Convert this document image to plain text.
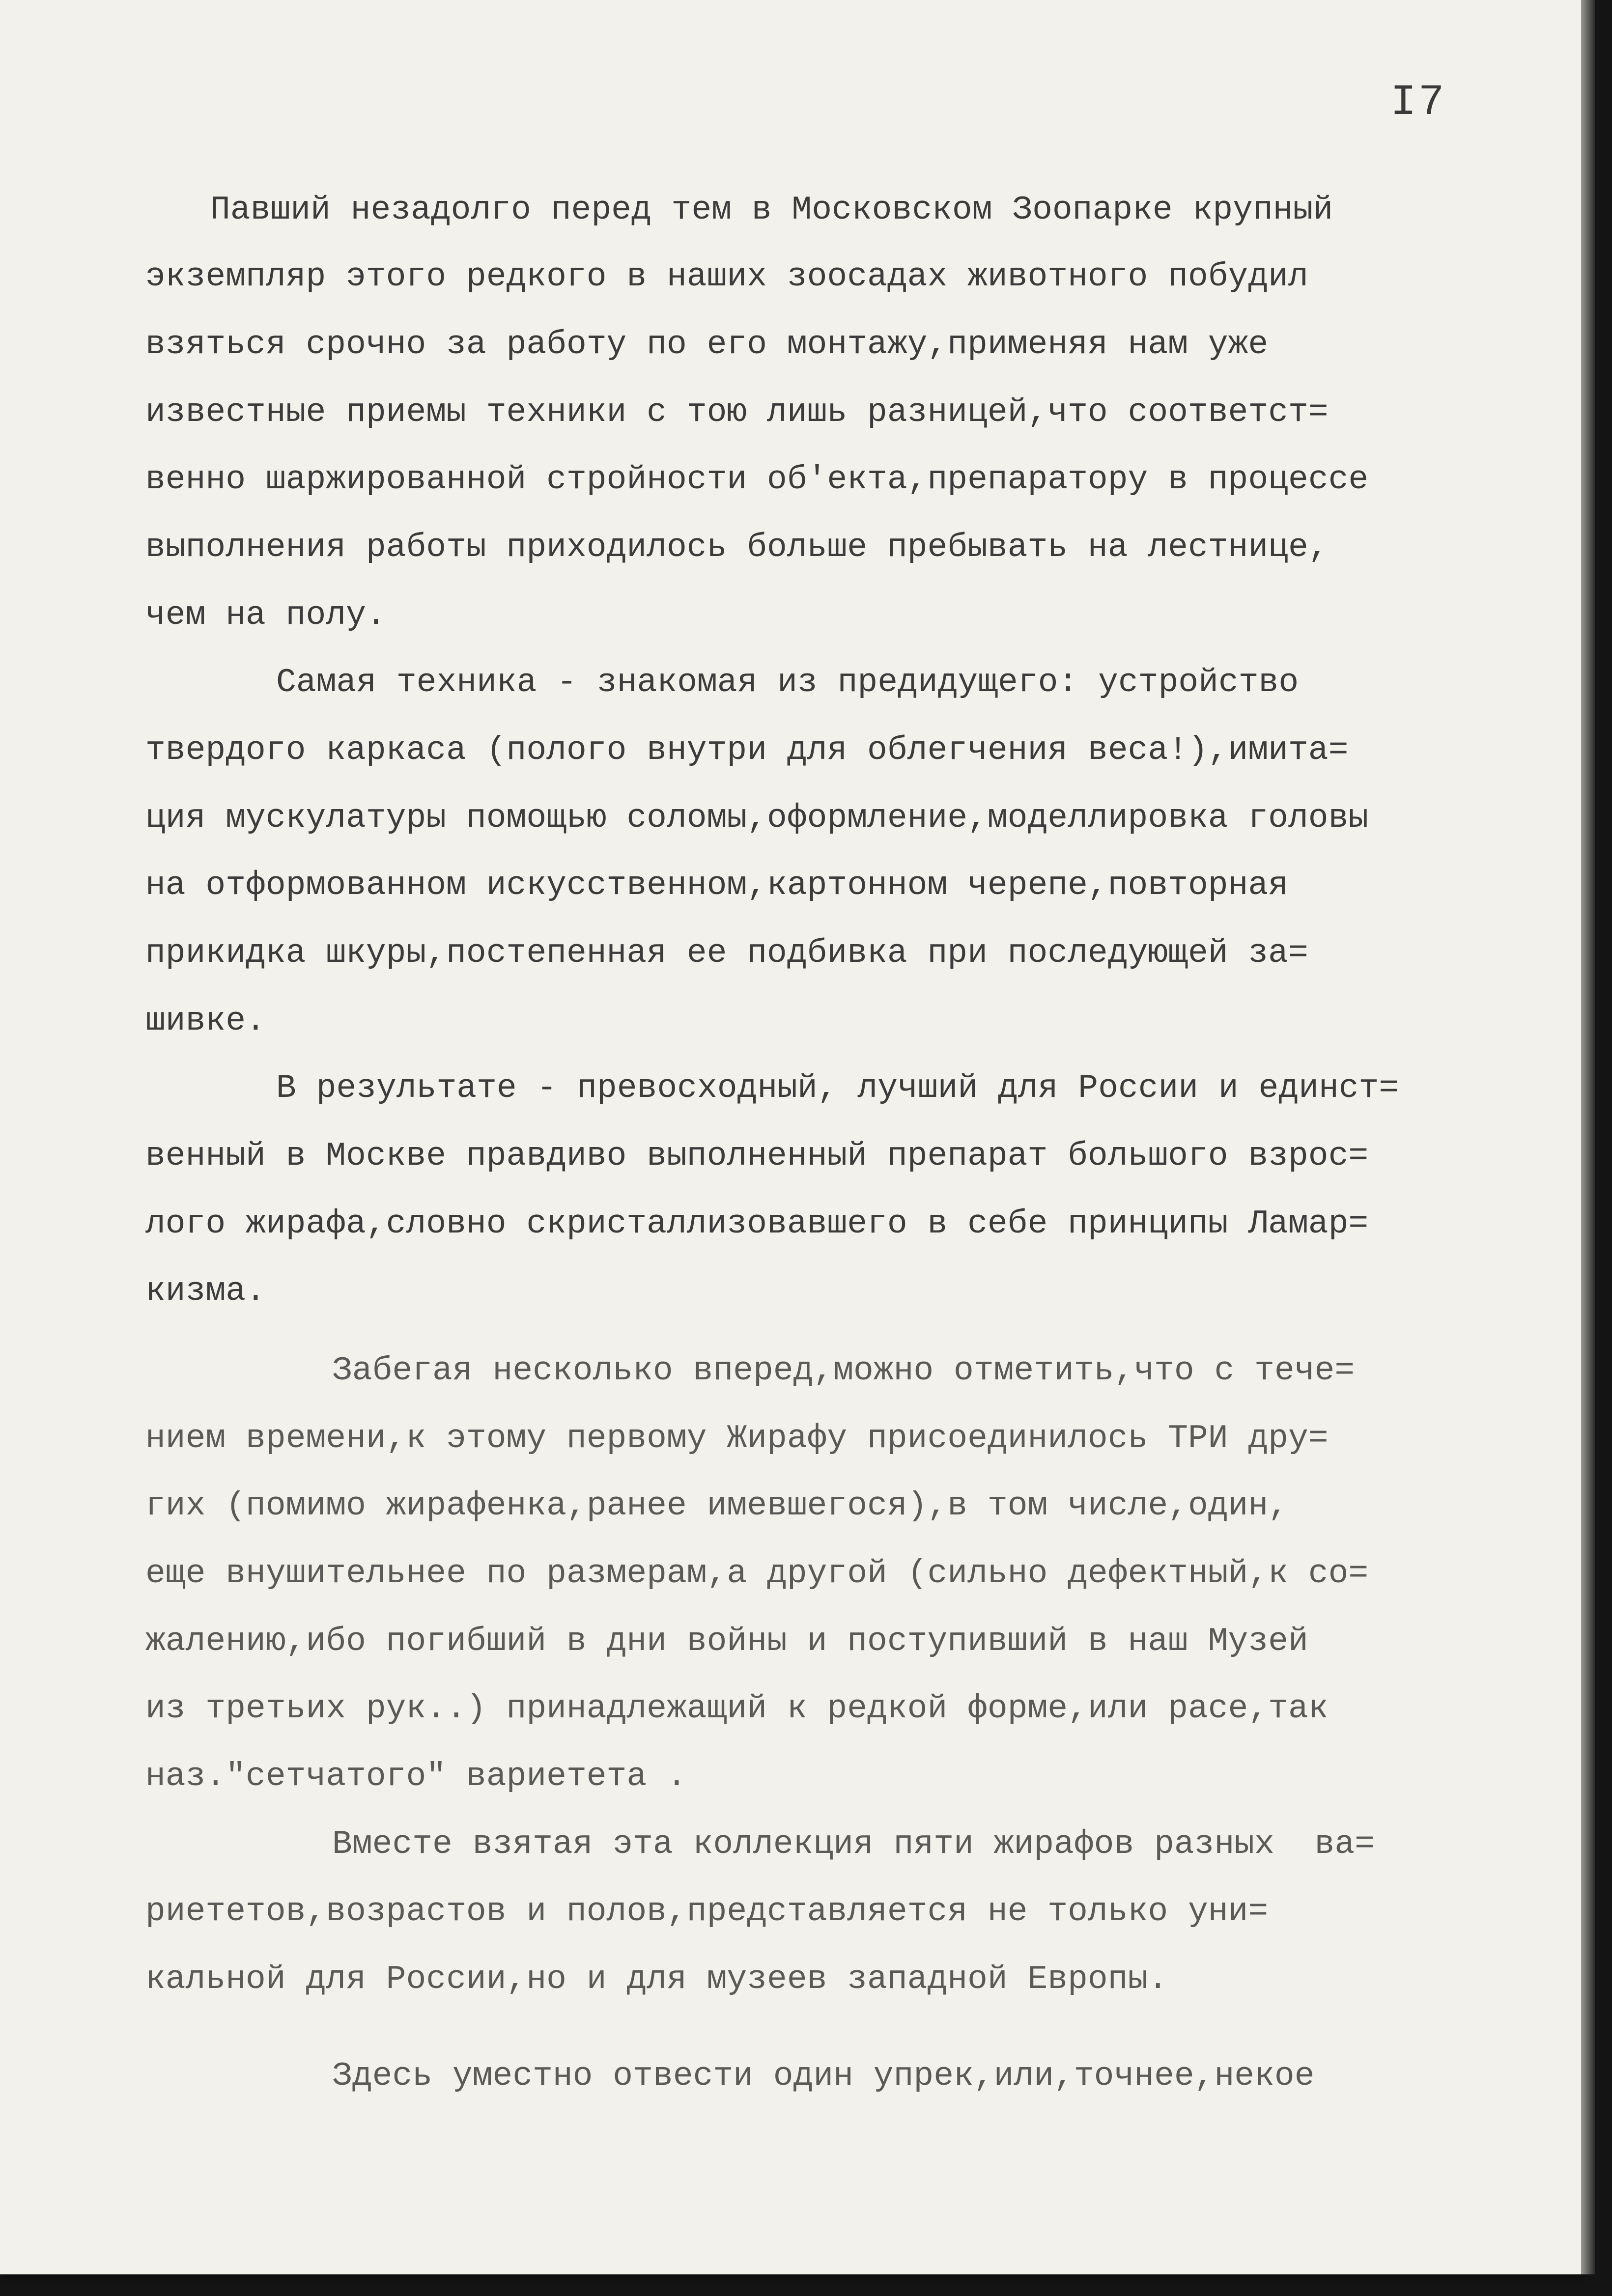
I7
Павший незадолго перед тем в Московском Зоопарке крупный
экземпляр этого редкого в наших зоосадах животного побудил
взяться срочно за работу по его монтажу,применяя нам уже
известные приемы техники с тою лишь разницей,что соответст=
венно шаржированной стройности об'екта,препаратору в процессе
выполнения работы приходилось больше пребывать на лестнице,
чем на полу.
Самая техника - знакомая из предидущего: устройство
твердого каркаса (полого внутри для облегчения веса!),имита=
ция мускулатуры помощью соломы,оформление,моделлировка головы
на отформованном искусственном,картонном черепе,повторная
прикидка шкуры,постепенная ее подбивка при последующей за=
шивке.
В результате - превосходный, лучший для России и единст=
венный в Москве правдиво выполненный препарат большого взрос=
лого жирафа,словно скристаллизовавшего в себе принципы Ламар=
кизма.
Забегая несколько вперед,можно отметить,что с тече=
нием времени,к этому первому Жирафу присоединилось ТРИ дру=
гих (помимо жирафенка,ранее имевшегося),в том числе,один,
еще внушительнее по размерам,а другой (сильно дефектный,к со=
жалению,ибо погибший в дни войны и поступивший в наш Музей
из третьих рук..) принадлежащий к редкой форме,или расе,так
наз."сетчатого" вариетета .
Вместе взятая эта коллекция пяти жирафов разных  ва=
риететов,возрастов и полов,представляется не только уни=
кальной для России,но и для музеев западной Европы.
Здесь уместно отвести один упрек,или,точнее,некое
